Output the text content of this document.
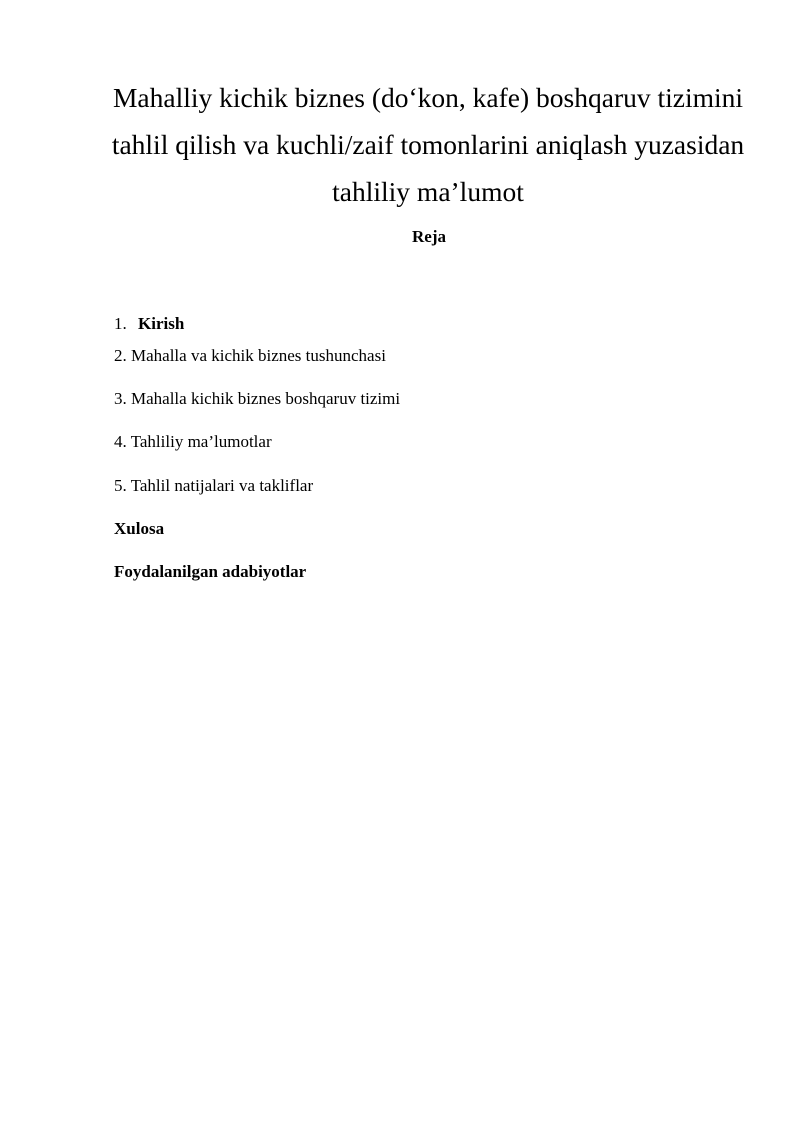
Mahalliy kichik biznes (do‘kon, kafe) boshqaruv tizimini
tahlil qilish va kuchli/zaif tomonlarini aniqlash yuzasidan
tahliliy ma’lumot
Reja
1. Kirish
2. Mahalla va kichik biznes tushunchasi
3. Mahalla kichik biznes boshqaruv tizimi
4. Tahliliy ma’lumotlar
5. Tahlil natijalari va takliflar
Xulosa
Foydalanilgan adabiyotlar
